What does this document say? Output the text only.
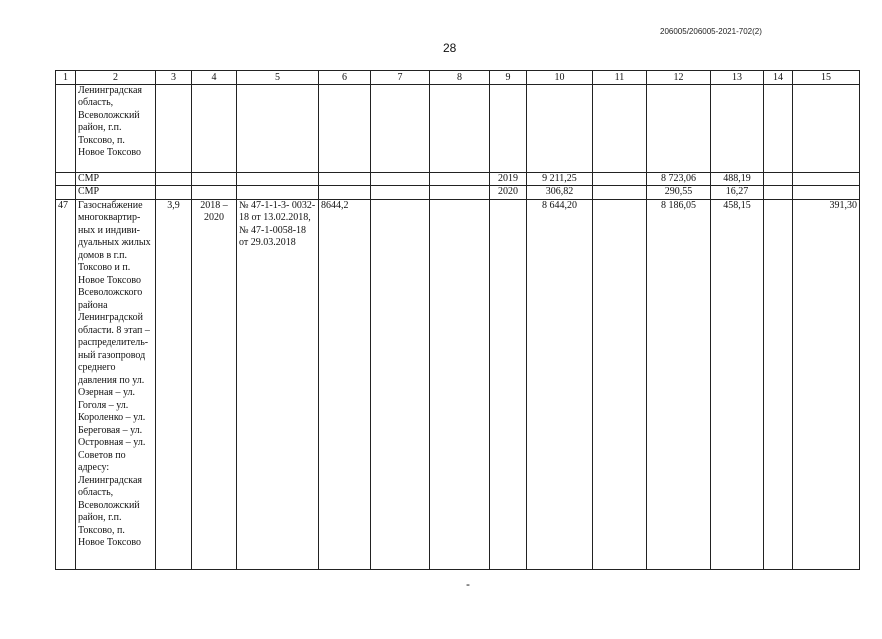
206005/206005-2021-702(2)
28
1	2	3	4	5	6	7	8	9	10	11	12	13	14	15
	Ленинградская область, Всеволожский район, г.п. Токсово, п. Новое Токсово													
	СМР							2019	9 211,25		8 723,06	488,19		
	СМР							2020	306,82		290,55	16,27		
47	Газоснабжение многоквартир- ных и индиви- дуальных жилых домов в г.п. Токсово и п. Новое Токсово Всеволожского района Ленинградской области. 8 этап – распределитель- ный газопровод среднего давления по ул. Озерная – ул. Гоголя – ул. Короленко – ул. Береговая – ул. Островная – ул. Советов по адресу: Ленинградская область, Всеволожский район, г.п. Токсово, п. Новое Токсово	3,9	2018 – 2020	№ 47-1-1-3- 0032-18 от 13.02.2018, № 47-1-0058-18 от 29.03.2018	8644,2				8 644,20		8 186,05	458,15		391,30
-
